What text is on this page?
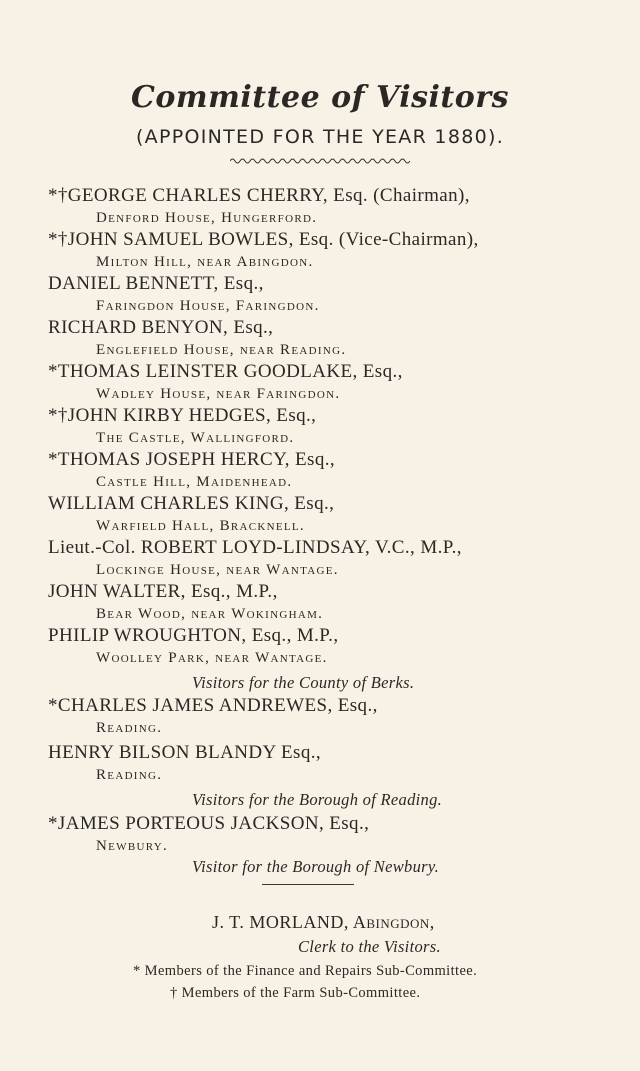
Committee of Visitors
(APPOINTED FOR THE YEAR 1880).
*†GEORGE CHARLES CHERRY, Esq. (Chairman),
Denford House, Hungerford.
*†JOHN SAMUEL BOWLES, Esq. (Vice-Chairman),
Milton Hill, near Abingdon.
DANIEL BENNETT, Esq.,
Faringdon House, Faringdon.
RICHARD BENYON, Esq.,
Englefield House, near Reading.
*THOMAS LEINSTER GOODLAKE, Esq.,
Wadley House, near Faringdon.
*†JOHN KIRBY HEDGES, Esq.,
The Castle, Wallingford.
*THOMAS JOSEPH HERCY, Esq.,
Castle Hill, Maidenhead.
WILLIAM CHARLES KING, Esq.,
Warfield Hall, Bracknell.
Lieut.-Col. ROBERT LOYD-LINDSAY, V.C., M.P.,
Lockinge House, near Wantage.
JOHN WALTER, Esq., M.P.,
Bear Wood, near Wokingham.
PHILIP WROUGHTON, Esq., M.P.,
Woolley Park, near Wantage.
Visitors for the County of Berks.
*CHARLES JAMES ANDREWES, Esq.,
Reading.
HENRY BILSON BLANDY Esq.,
Reading.
Visitors for the Borough of Reading.
*JAMES PORTEOUS JACKSON, Esq.,
Newbury.
Visitor for the Borough of Newbury.
J. T. MORLAND, Abingdon,
Clerk to the Visitors.
* Members of the Finance and Repairs Sub-Committee.
† Members of the Farm Sub-Committee.
